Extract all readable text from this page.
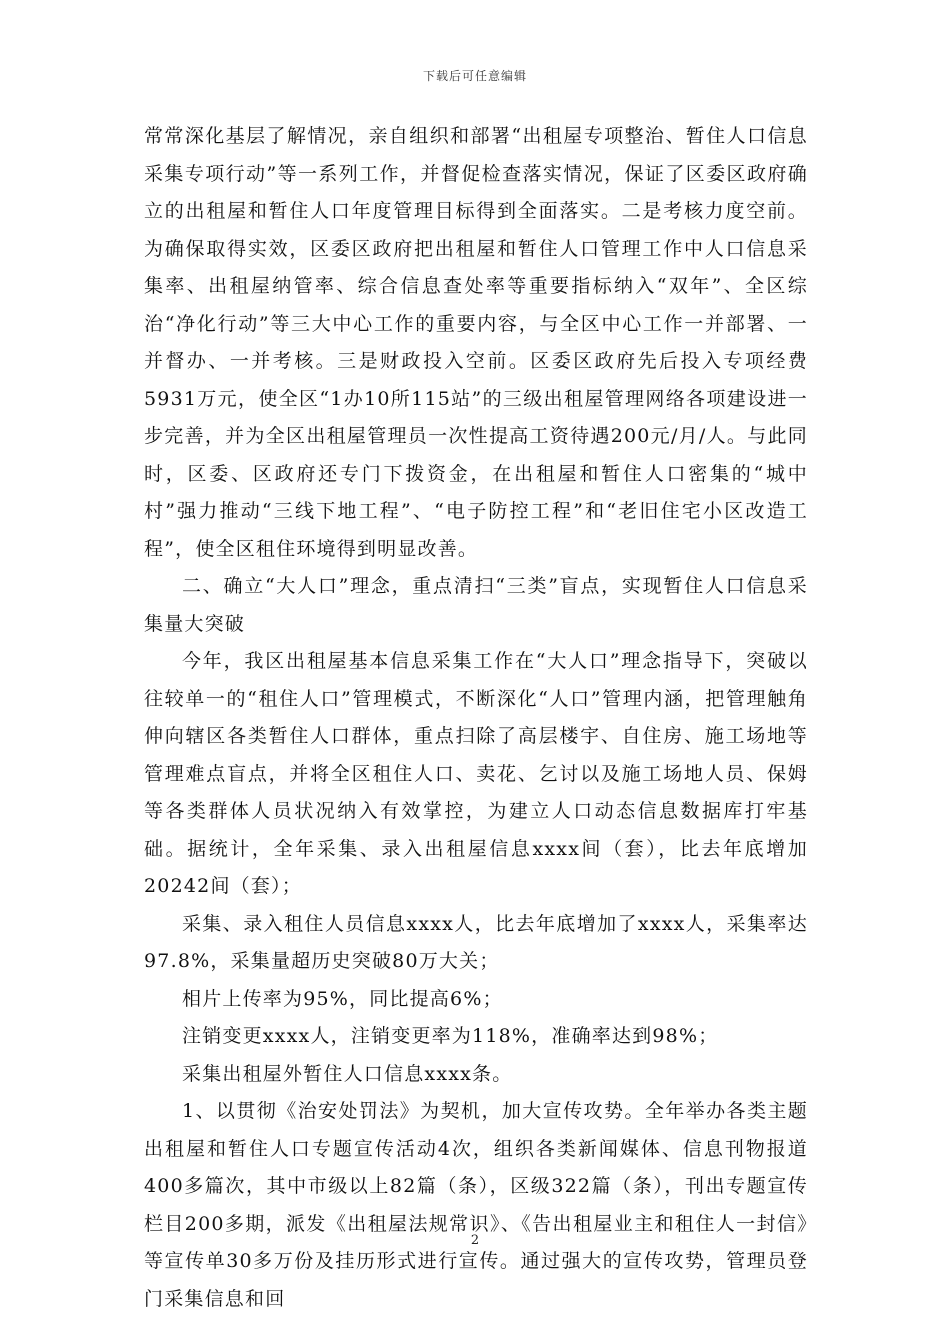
下载后可任意编辑

常常深化基层了解情况，亲自组织和部署“出租屋专项整治、暂住人口信息采集专项行动”等一系列工作，并督促检查落实情况，保证了区委区政府确立的出租屋和暂住人口年度管理目标得到全面落实。二是考核力度空前。为确保取得实效，区委区政府把出租屋和暂住人口管理工作中人口信息采集率、出租屋纳管率、综合信息查处率等重要指标纳入“双年”、全区综治“净化行动”等三大中心工作的重要内容，与全区中心工作一并部署、一并督办、一并考核。三是财政投入空前。区委区政府先后投入专项经费5931万元，使全区“1办10所115站”的三级出租屋管理网络各项建设进一步完善，并为全区出租屋管理员一次性提高工资待遇200元/月/人。与此同时，区委、区政府还专门下拨资金，在出租屋和暂住人口密集的“城中村”强力推动“三线下地工程”、“电子防控工程”和“老旧住宅小区改造工程”，使全区租住环境得到明显改善。

二、确立“大人口”理念，重点清扫“三类”盲点，实现暂住人口信息采集量大突破

今年，我区出租屋基本信息采集工作在“大人口”理念指导下，突破以往较单一的“租住人口”管理模式，不断深化“人口”管理内涵，把管理触角伸向辖区各类暂住人口群体，重点扫除了高层楼宇、自住房、施工场地等管理难点盲点，并将全区租住人口、卖花、乞讨以及施工场地人员、保姆等各类群体人员状况纳入有效掌控，为建立人口动态信息数据库打牢基础。据统计，全年采集、录入出租屋信息xxxx间（套），比去年底增加20242间（套）；

采集、录入租住人员信息xxxx人，比去年底增加了xxxx人，采集率达97.8%，采集量超历史突破80万大关；

相片上传率为95%，同比提高6%；

注销变更xxxx人，注销变更率为118%，准确率达到98%；

采集出租屋外暂住人口信息xxxx条。

1、以贯彻《治安处罚法》为契机，加大宣传攻势。全年举办各类主题出租屋和暂住人口专题宣传活动4次，组织各类新闻媒体、信息刊物报道400多篇次，其中市级以上82篇（条），区级322篇（条），刊出专题宣传栏目200多期，派发《出租屋法规常识》、《告出租屋业主和租住人一封信》等宣传单30多万份及挂历形式进行宣传。通过强大的宣传攻势，管理员登门采集信息和回

2
